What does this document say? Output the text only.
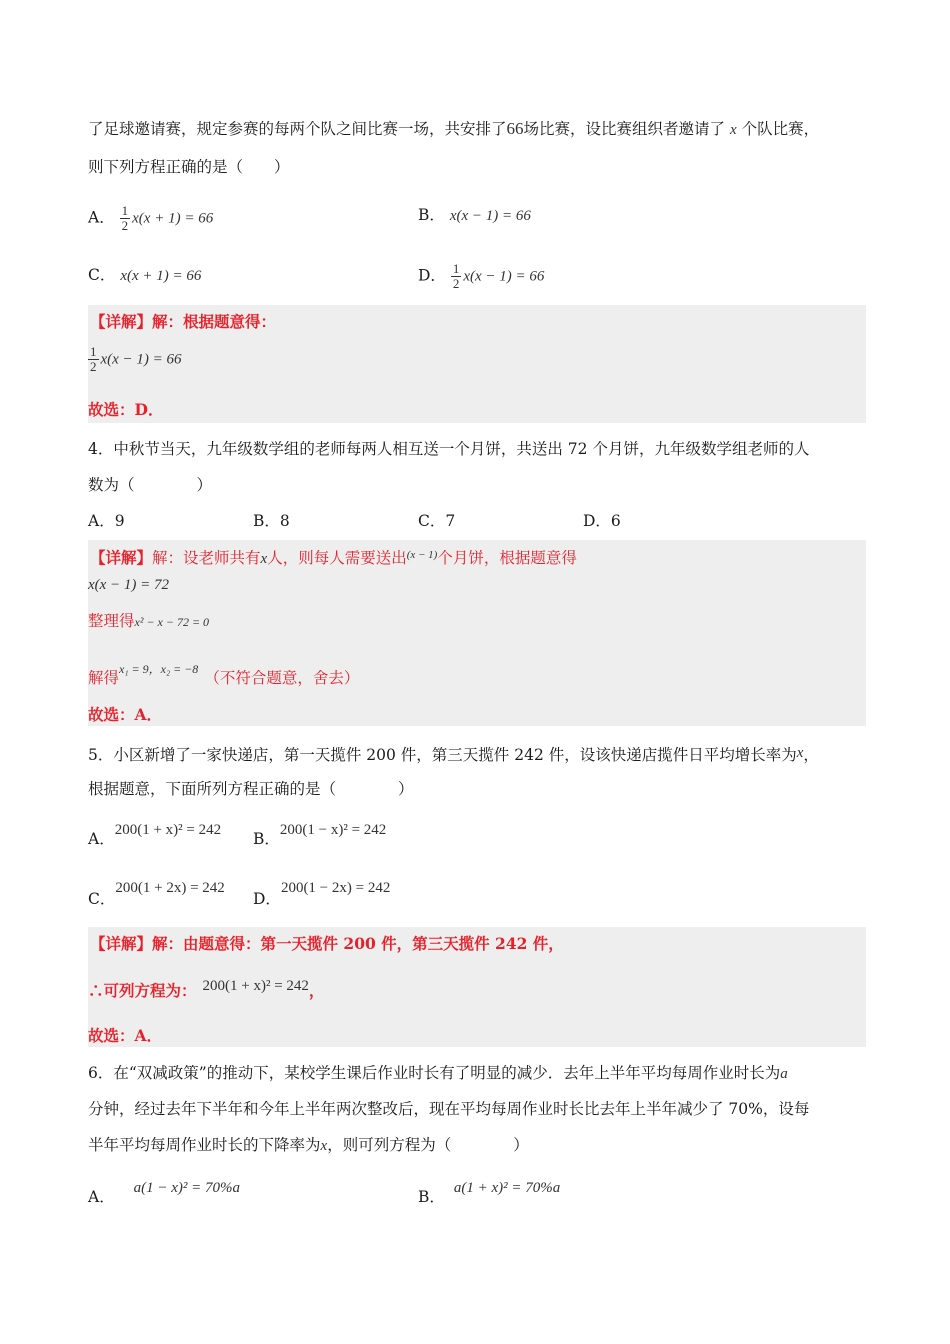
了足球邀请赛，规定参赛的每两个队之间比赛一场，共安排了66场比赛，设比赛组织者邀请了 x 个队比赛，
则下列方程正确的是（　　）
A． $\frac{1}{2} x(x + 1) = 66$	B． x(x − 1) = 66
C． x(x + 1) = 66	D． $\frac{1}{2} x(x - 1) = 66$
【详解】解：根据题意得：
$\frac{1}{2} x(x - 1) = 66$
故选：D．
4．中秋节当天，九年级数学组的老师每两人相互送一个月饼，共送出 72 个月饼，九年级数学组老师的人
数为（　　　　）
A．9	B．8	C．7	D．6
【详解】解：设老师共有x人，则每人需要送出$^{(x - 1)}$个月饼，根据题意得
x(x − 1) = 72
整理得x² − x − 72 = 0
解得$^{x_1 = 9,x_2 = -8}$ （不符合题意，舍去）
故选：A．
5．小区新增了一家快递店，第一天揽件 200 件，第三天揽件 242 件，设该快递店揽件日平均增长率为x，
根据题意，下面所列方程正确的是（　　　　）
A．200(1 + x)² = 242 B．200(1 − x)² = 242
C．200(1 + 2x) = 242
D．200(1 − 2x) = 242
【详解】解：由题意得：第一天揽件 200 件，第三天揽件 242 件，
∴可列方程为： 200(1 + x)² = 242，
故选：A．
6．在“双减政策”的推动下，某校学生课后作业时长有了明显的减少．去年上半年平均每周作业时长为a
分钟，经过去年下半年和今年上半年两次整改后，现在平均每周作业时长比去年上半年减少了 70%，设每
半年平均每周作业时长的下降率为x，则可列方程为（　　　　）
A． a(1 − x)² = 70%a	B． a(1 + x)² = 70%a
